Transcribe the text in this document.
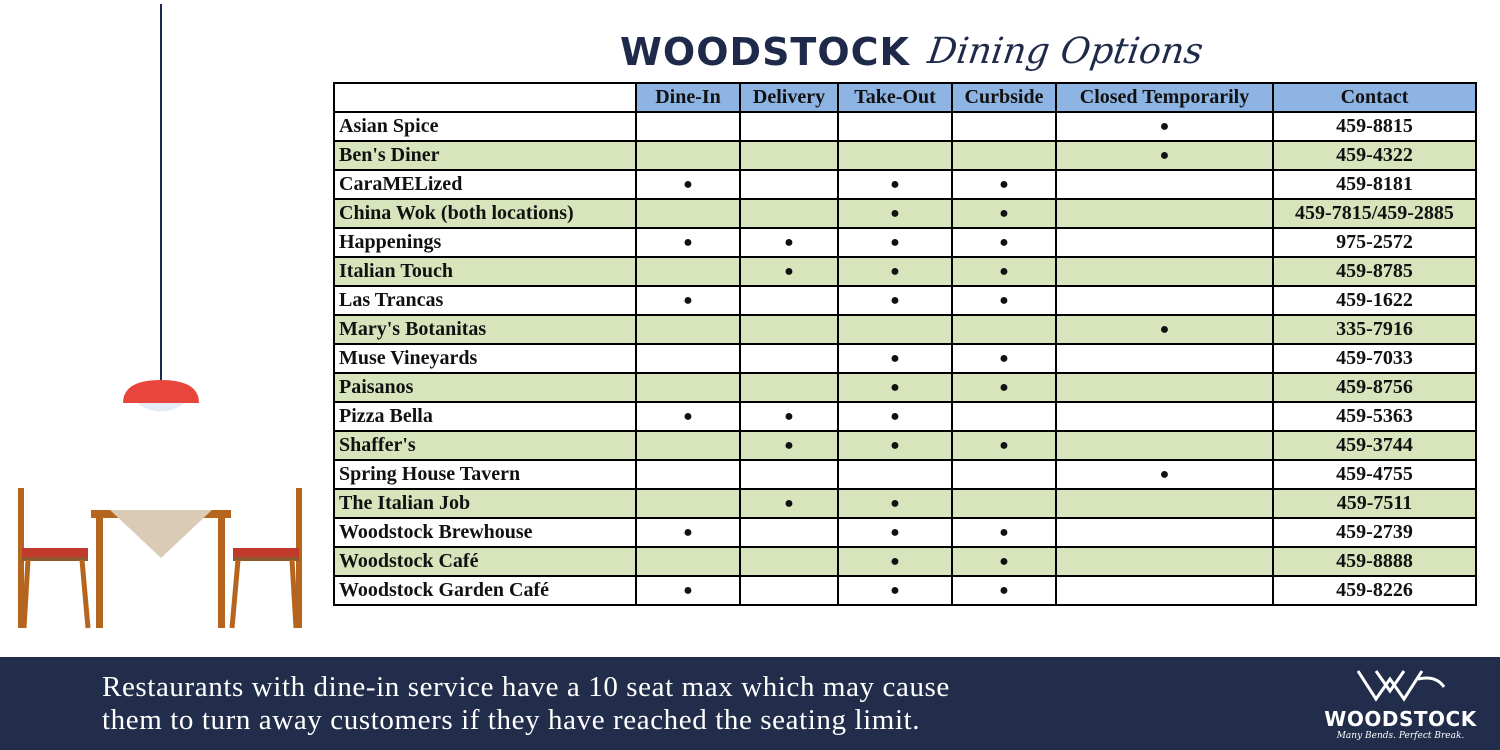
WOODSTOCK Dining Options
	Dine-In	Delivery	Take-Out	Curbside	Closed Temporarily	Contact
Asian Spice					●	459-8815
Ben's Diner					●	459-4322
CaraMELized	●		●	●		459-8181
China Wok (both locations)			●	●		459-7815/459-2885
Happenings	●	●	●	●		975-2572
Italian Touch		●	●	●		459-8785
Las Trancas	●		●	●		459-1622
Mary's Botanitas					●	335-7916
Muse Vineyards			●	●		459-7033
Paisanos			●	●		459-8756
Pizza Bella	●	●	●			459-5363
Shaffer's		●	●	●		459-3744
Spring House Tavern					●	459-4755
The Italian Job		●	●			459-7511
Woodstock Brewhouse	●		●	●		459-2739
Woodstock Café			●	●		459-8888
Woodstock Garden Café	●		●	●		459-8226
Restaurants with dine-in service have a 10 seat max which may cause
them to turn away customers if they have reached the seating limit.	WOODSTOCK
Many Bends. Perfect Break.
